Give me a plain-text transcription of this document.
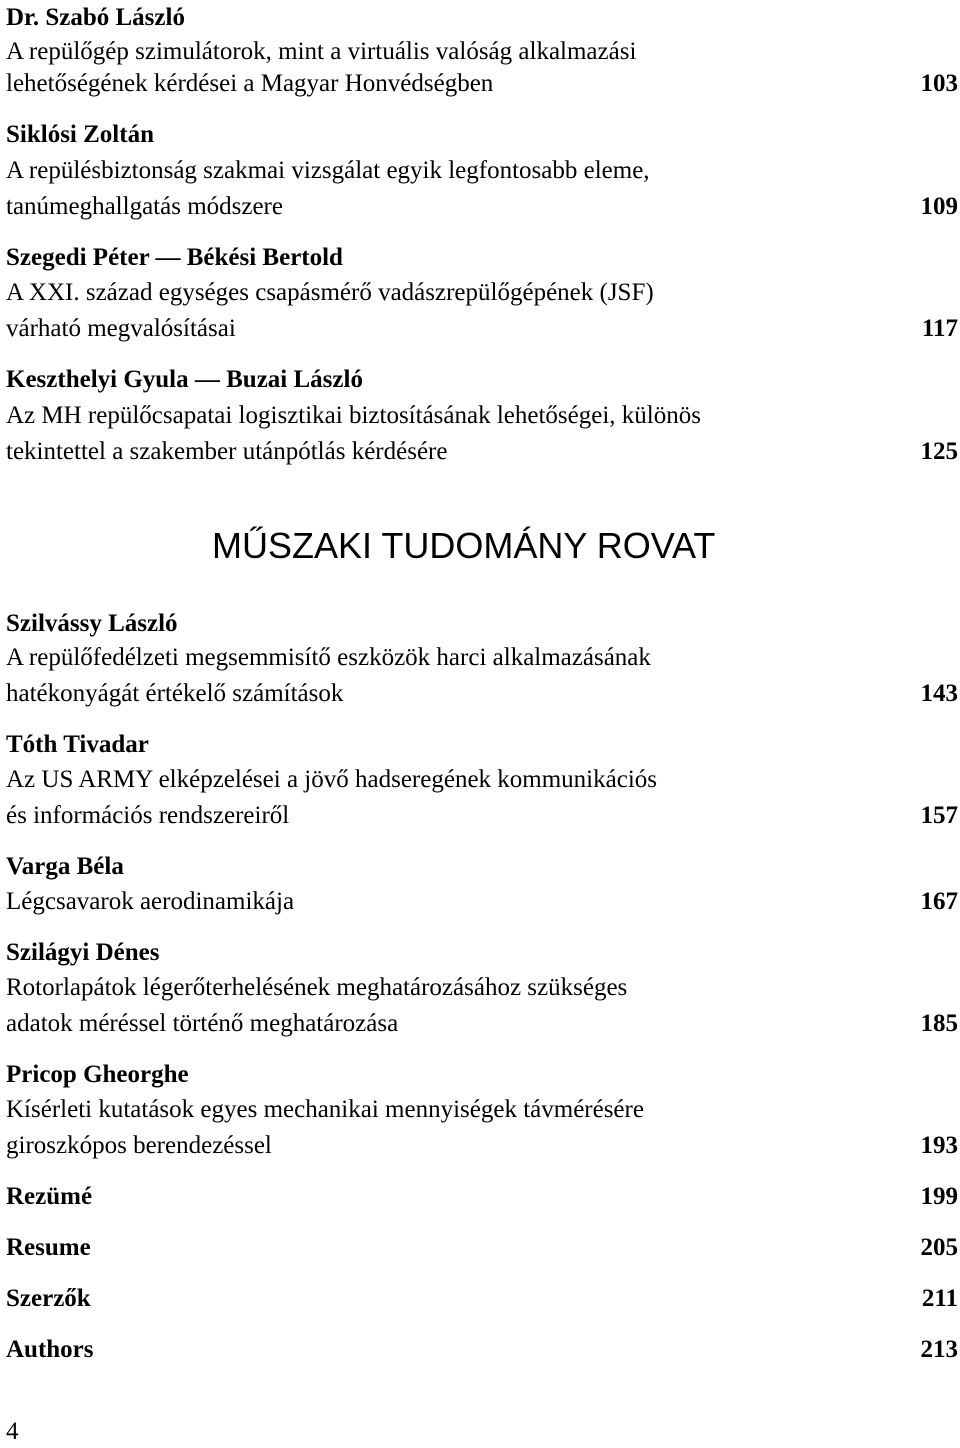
Dr. Szabó László
A repülőgép szimulátorok, mint a virtuális valóság alkalmazási
lehetőségének kérdései a Magyar Honvédségben	103
Siklósi Zoltán
A repülésbiztonság szakmai vizsgálat egyik legfontosabb eleme,
tanúmeghallgatás módszere	109
Szegedi Péter — Békési Bertold
A XXI. század egységes csapásmérő vadászrepülőgépének (JSF)
várható megvalósításai	117
Keszthelyi Gyula — Buzai László
Az MH repülőcsapatai logisztikai biztosításának lehetőségei, különös
tekintettel a szakember utánpótlás kérdésére	125
MŰSZAKI TUDOMÁNY ROVAT
Szilvássy László
A repülőfedélzeti megsemmisítő eszközök harci alkalmazásának
hatékonyágát értékelő számítások	143
Tóth Tivadar
Az US ARMY elképzelései a jövő hadseregének kommunikációs
és információs rendszereiről	157
Varga Béla
Légcsavarok aerodinamikája	167
Szilágyi Dénes
Rotorlapátok légerőterhelésének meghatározásához szükséges
adatok méréssel történő meghatározása	185
Pricop Gheorghe
Kísérleti kutatások egyes mechanikai mennyiségek távmérésére
giroszkópos berendezéssel	193
Rezümé	199
Resume	205
Szerzők	211
Authors	213
4
